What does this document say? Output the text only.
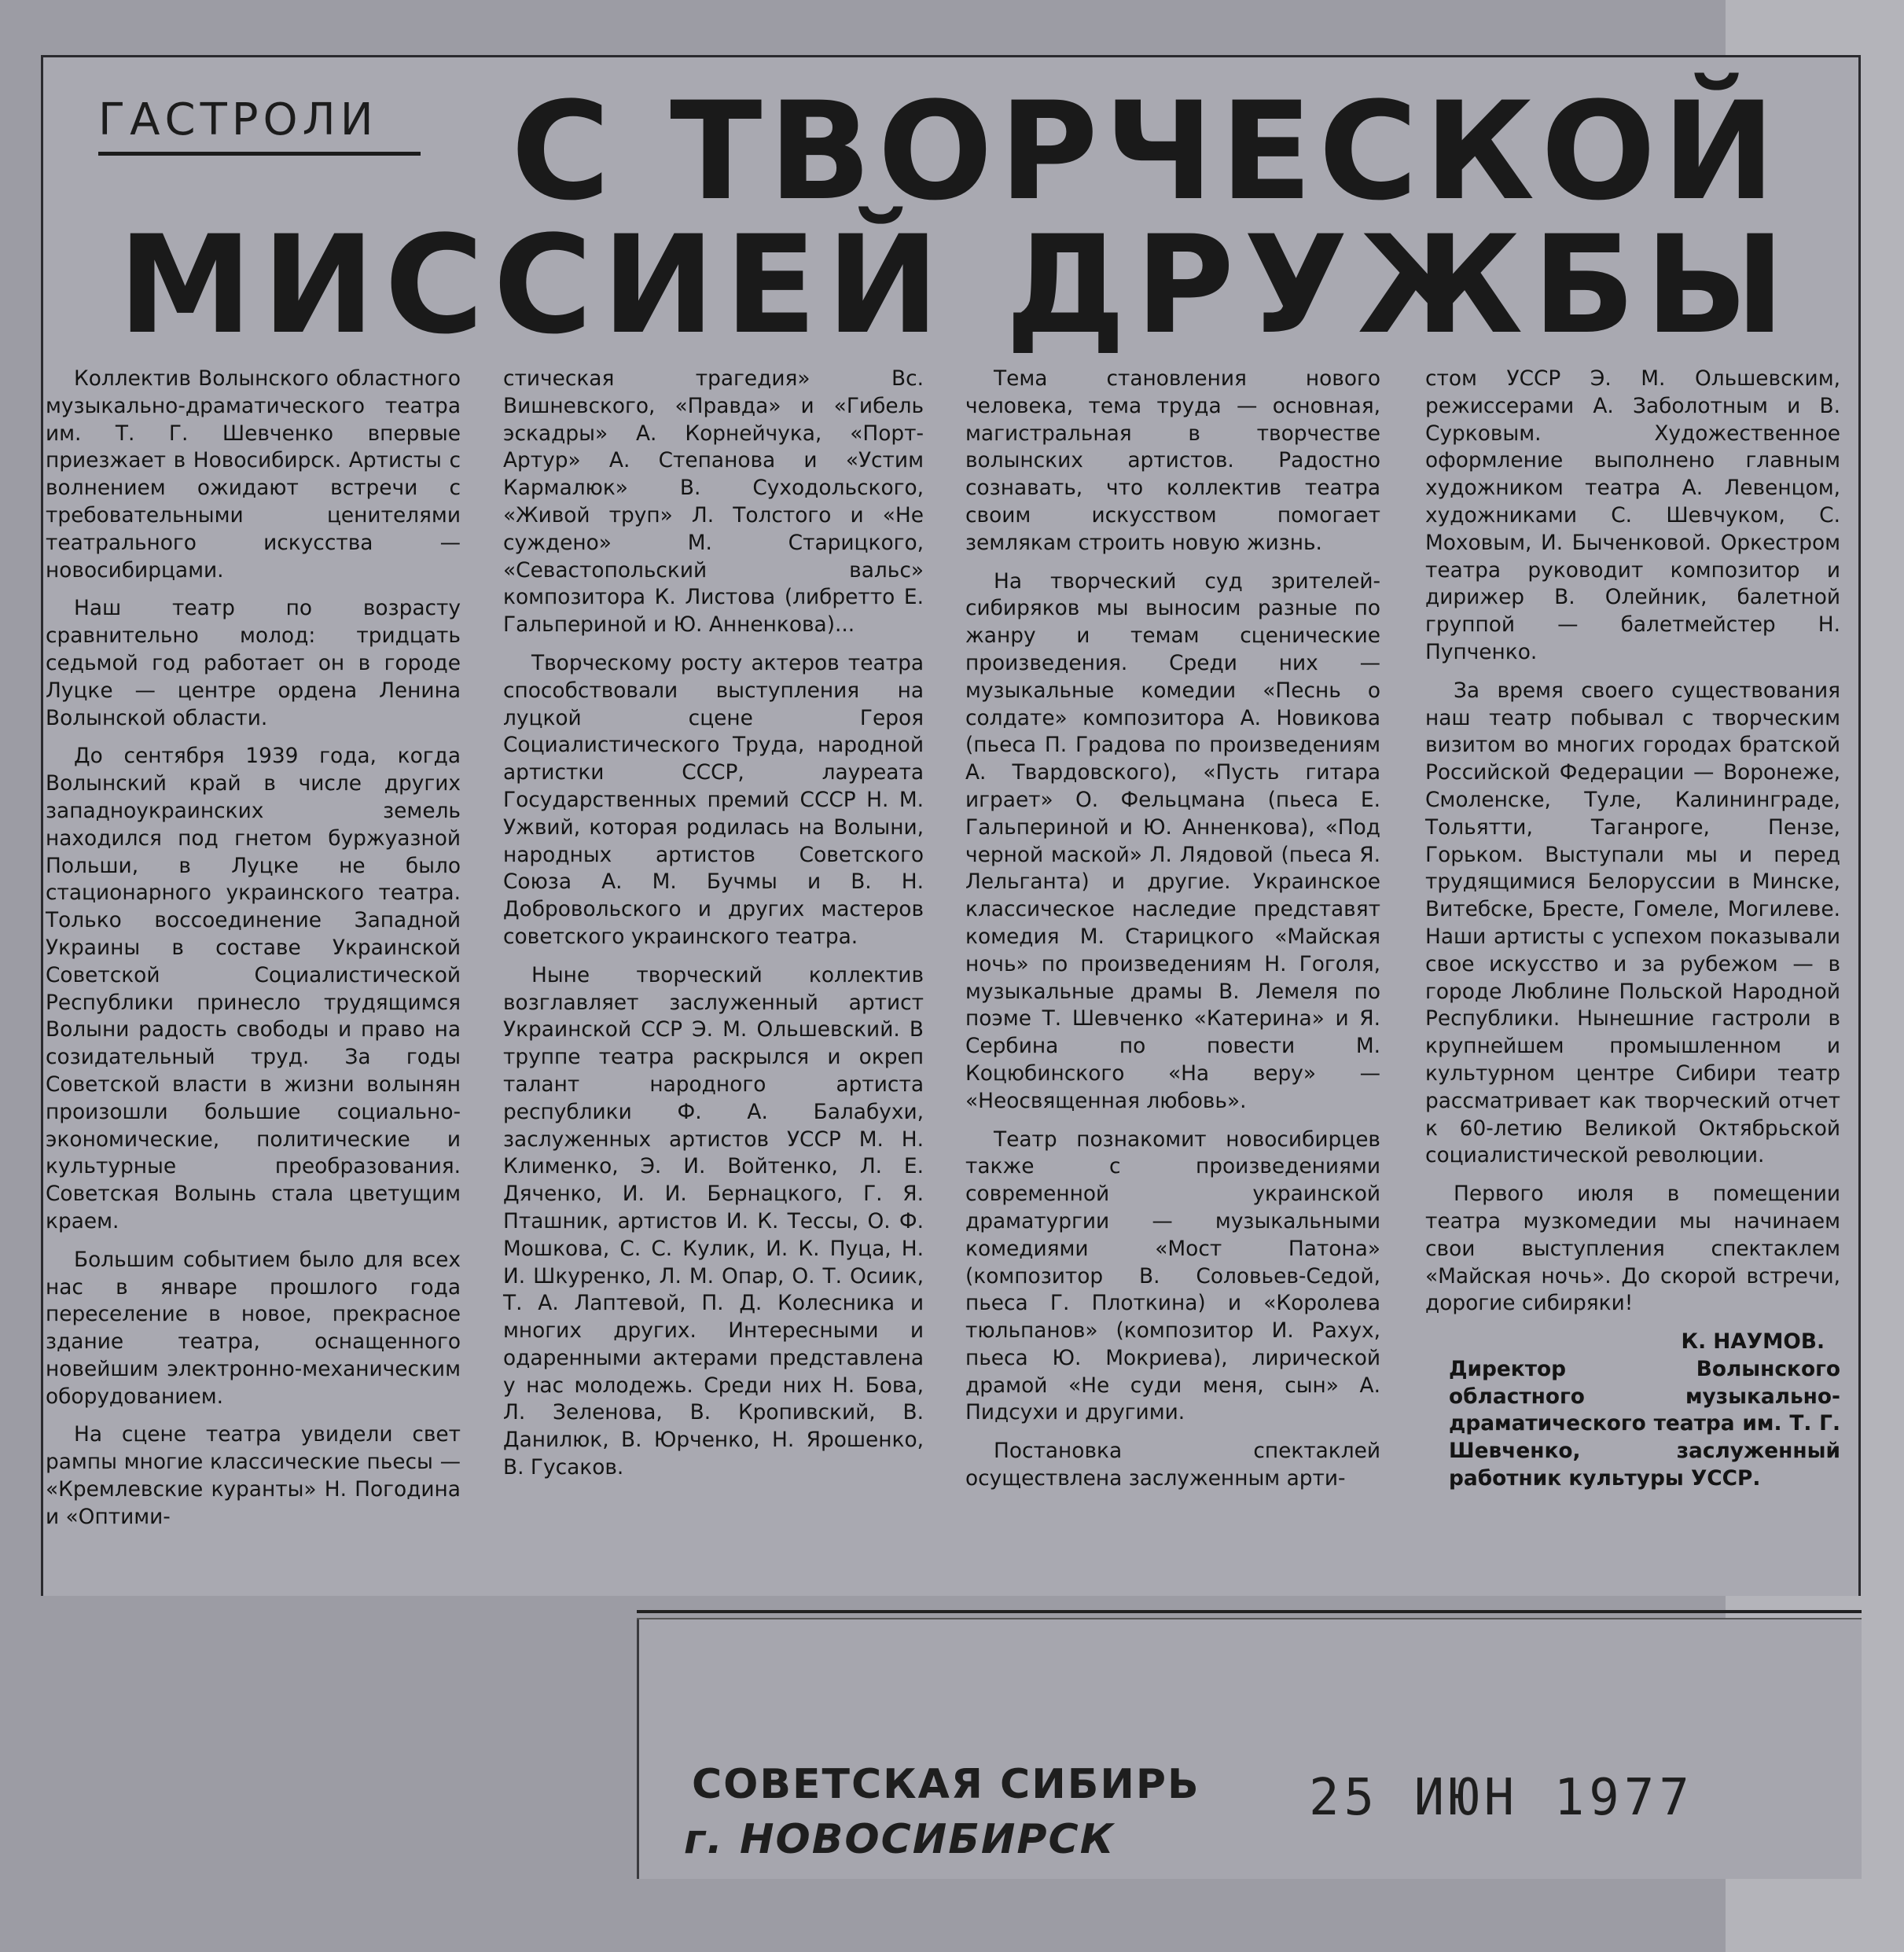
ГАСТРОЛИ С ТВОРЧЕСКОЙ
МИССИЕЙ ДРУЖБЫ

Коллектив Волынского областного музыкально-драматического театра им. Т. Г. Шевченко впервые приезжает в Новосибирск. Артисты с волнением ожидают встречи с требовательными ценителями театрального искусства — новосибирцами.

Наш театр по возрасту сравнительно молод: тридцать седьмой год работает он в городе Луцке — центре ордена Ленина Волынской области.

До сентября 1939 года, когда Волынский край в числе других западноукраинских земель находился под гнетом буржуазной Польши, в Луцке не было стационарного украинского театра. Только воссоединение Западной Украины в составе Украинской Советской Социалистической Республики принесло трудящимся Волыни радость свободы и право на созидательный труд. За годы Советской власти в жизни волынян произошли большие социально-экономические, политические и культурные преобразования. Советская Волынь стала цветущим краем.

Большим событием было для всех нас в январе прошлого года переселение в новое, прекрасное здание театра, оснащенного новейшим электронно-механическим оборудованием.

На сцене театра увидели свет рампы многие классические пьесы — «Кремлевские куранты» Н. Погодина и «Оптими-

стическая трагедия» Вс. Вишневского, «Правда» и «Гибель эскадры» А. Корнейчука, «Порт-Артур» А. Степанова и «Устим Кармалюк» В. Суходольского, «Живой труп» Л. Толстого и «Не суждено» М. Старицкого, «Севастопольский вальс» композитора К. Листова (либретто Е. Гальпериной и Ю. Анненкова)...

Творческому росту актеров театра способствовали выступления на луцкой сцене Героя Социалистического Труда, народной артистки СССР, лауреата Государственных премий СССР Н. М. Ужвий, которая родилась на Волыни, народных артистов Советского Союза А. М. Бучмы и В. Н. Добровольского и других мастеров советского украинского театра.

Ныне творческий коллектив возглавляет заслуженный артист Украинской ССР Э. М. Ольшевский. В труппе театра раскрылся и окреп талант народного артиста республики Ф. А. Балабухи, заслуженных артистов УССР М. Н. Клименко, Э. И. Войтенко, Л. Е. Дяченко, И. И. Бернацкого, Г. Я. Пташник, артистов И. К. Тессы, О. Ф. Мошкова, С. С. Кулик, И. К. Пуца, Н. И. Шкуренко, Л. М. Опар, О. Т. Осиик, Т. А. Лаптевой, П. Д. Колесника и многих других. Интересными и одаренными актерами представлена у нас молодежь. Среди них Н. Бова, Л. Зеленова, В. Кропивский, В. Данилюк, В. Юрченко, Н. Ярошенко, В. Гусаков.

Тема становления нового человека, тема труда — основная, магистральная в творчестве волынских артистов. Радостно сознавать, что коллектив театра своим искусством помогает землякам строить новую жизнь.

На творческий суд зрителей-сибиряков мы выносим разные по жанру и темам сценические произведения. Среди них — музыкальные комедии «Песнь о солдате» композитора А. Новикова (пьеса П. Градова по произведениям А. Твардовского), «Пусть гитара играет» О. Фельцмана (пьеса Е. Гальпериной и Ю. Анненкова), «Под черной маской» Л. Лядовой (пьеса Я. Лельганта) и другие. Украинское классическое наследие представят комедия М. Старицкого «Майская ночь» по произведениям Н. Гоголя, музыкальные драмы В. Лемеля по поэме Т. Шевченко «Катерина» и Я. Сербина по повести М. Коцюбинского «На веру» — «Неосвященная любовь».

Театр познакомит новосибирцев также с произведениями современной украинской драматургии — музыкальными комедиями «Мост Патона» (композитор В. Соловьев-Седой, пьеса Г. Плоткина) и «Королева тюльпанов» (композитор И. Рахух, пьеса Ю. Мокриева), лирической драмой «Не суди меня, сын» А. Пидсухи и другими.

Постановка спектаклей осуществлена заслуженным арти-

стом УССР Э. М. Ольшевским, режиссерами А. Заболотным и В. Сурковым. Художественное оформление выполнено главным художником театра А. Левенцом, художниками С. Шевчуком, С. Моховым, И. Быченковой. Оркестром театра руководит композитор и дирижер В. Олейник, балетной группой — балетмейстер Н. Пупченко.

За время своего существования наш театр побывал с творческим визитом во многих городах братской Российской Федерации — Воронеже, Смоленске, Туле, Калининграде, Тольятти, Таганроге, Пензе, Горьком. Выступали мы и перед трудящимися Белоруссии в Минске, Витебске, Бресте, Гомеле, Могилеве. Наши артисты с успехом показывали свое искусство и за рубежом — в городе Люблине Польской Народной Республики. Нынешние гастроли в крупнейшем промышленном и культурном центре Сибири театр рассматривает как творческий отчет к 60-летию Великой Октябрьской социалистической революции.

Первого июля в помещении театра музкомедии мы начинаем свои выступления спектаклем «Майская ночь». До скорой встречи, дорогие сибиряки!

К. НАУМОВ.

Директор Волынского областного музыкально-драматического театра им. Т. Г. Шевченко, заслуженный работник культуры УССР.

СОВЕТСКАЯ СИБИРЬ

г. НОВОСИБИРСК

25 ИЮН 1977
